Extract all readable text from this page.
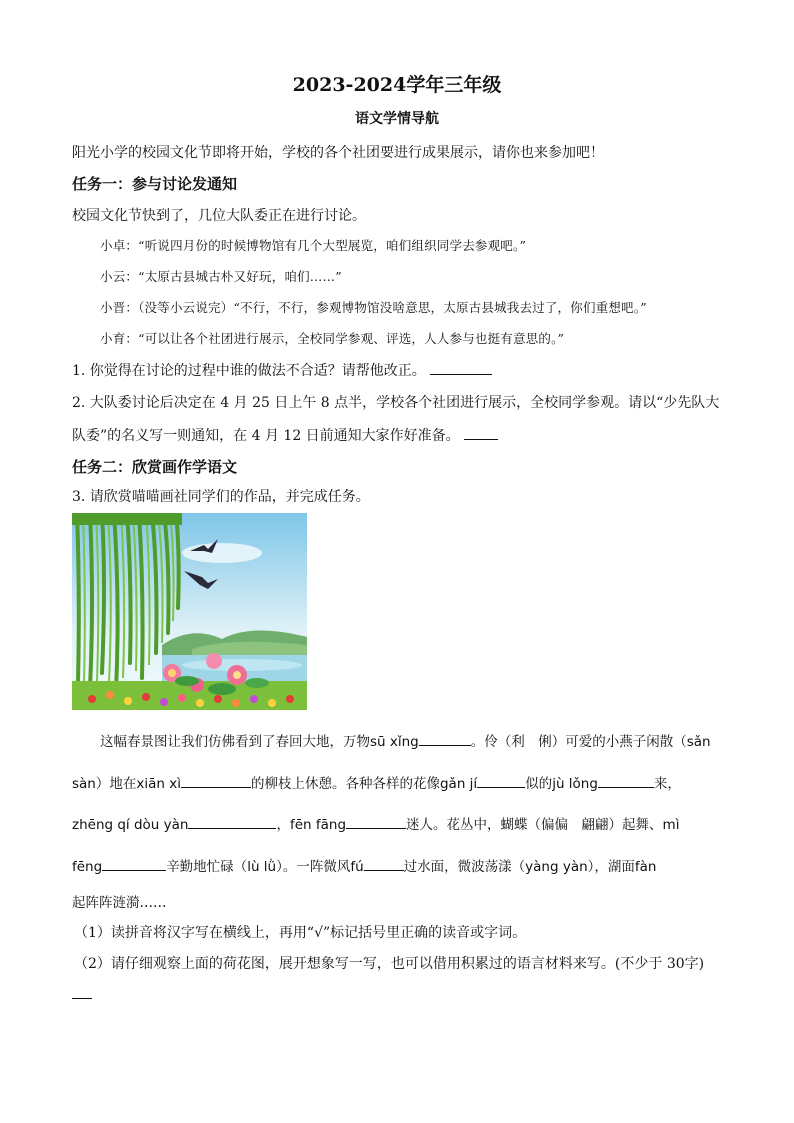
2023-2024学年三年级
语文学情导航
阳光小学的校园文化节即将开始，学校的各个社团要进行成果展示，请你也来参加吧！
任务一：参与讨论发通知
校园文化节快到了，几位大队委正在进行讨论。
小卓：“听说四月份的时候博物馆有几个大型展览，咱们组织同学去参观吧。”
小云：“太原古县城古朴又好玩，咱们……”
小晋：（没等小云说完）“不行，不行，参观博物馆没啥意思，太原古县城我去过了，你们重想吧。”
小育：“可以让各个社团进行展示，全校同学参观、评选，人人参与也挺有意思的。”
1. 你觉得在讨论的过程中谁的做法不合适？请帮他改正。
2. 大队委讨论后决定在 4 月 25 日上午 8 点半，学校各个社团进行展示，全校同学参观。请以“少先队大
队委”的名义写一则通知，在 4 月 12 日前通知大家作好准备。
任务二：欣赏画作学语文
3. 请欣赏喵喵画社同学们的作品，并完成任务。
这幅春景图让我们仿佛看到了春回大地，万物sū xǐng	。伶（利　俐）可爱的小燕子闲散（sǎn
sàn）地在xiān xì	的柳枝上休憩。各种各样的花像gǎn jí	似的jù lǒng	来，
zhēng qí dòu yàn	，fēn fāng	迷人。花丛中，蝴蝶（偏偏　翩翩）起舞、mì
fēng	辛勤地忙碌（lù lǜ）。一阵微风fú	过水面，微波荡漾（yàng yàn），湖面fàn
起阵阵涟漪……
（1）读拼音将汉字写在横线上，再用“√”标记括号里正确的读音或字词。
（2）请仔细观察上面的荷花图，展开想象写一写，也可以借用积累过的语言材料来写。(不少于 30字)
